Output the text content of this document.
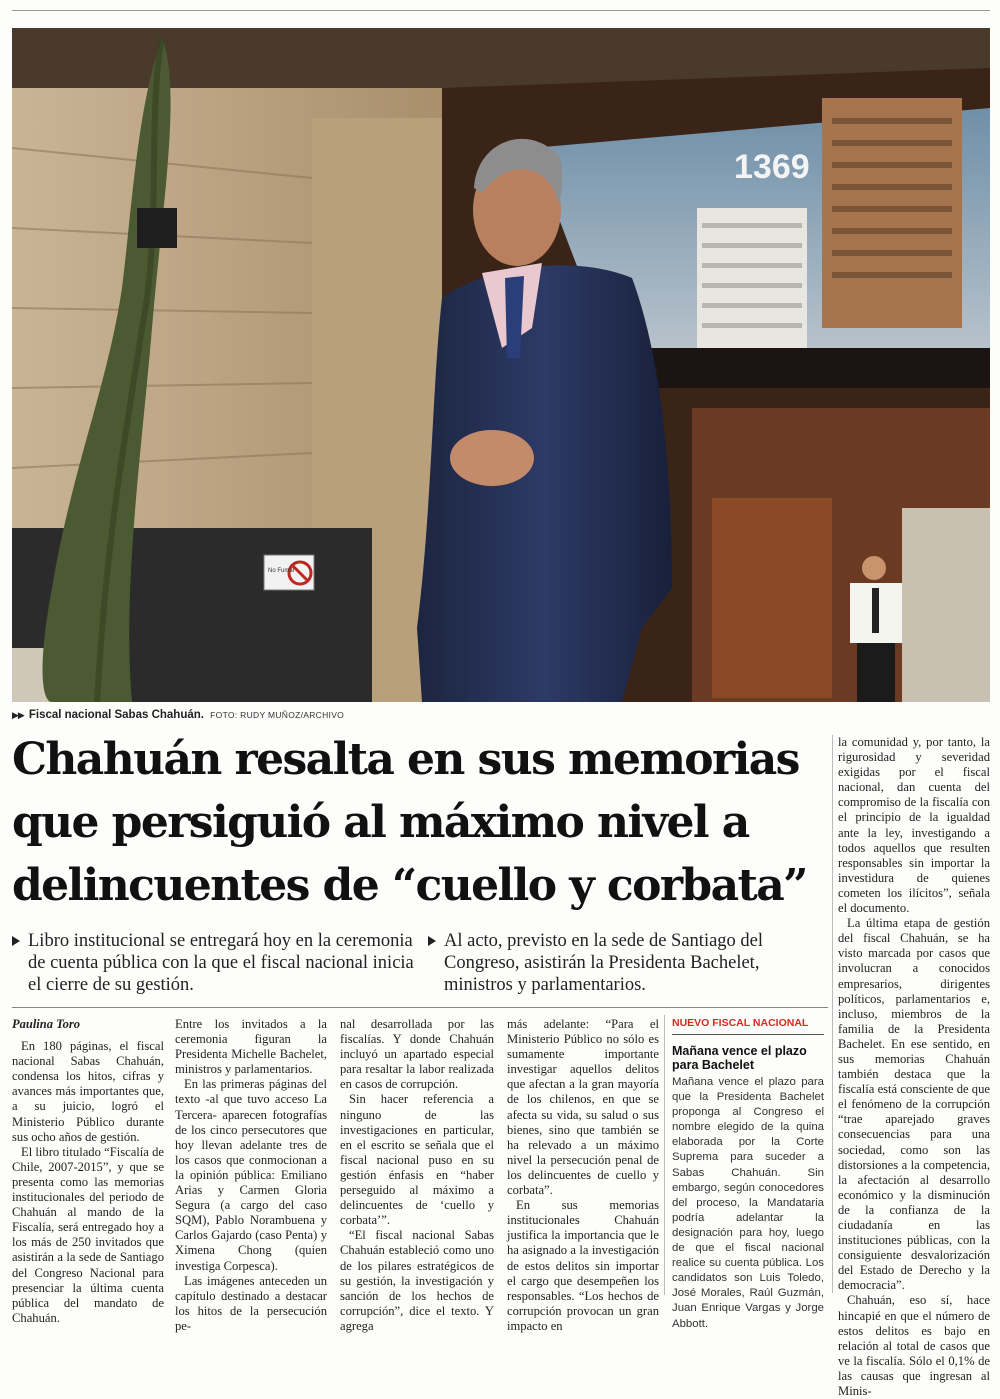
No Fumar
1369
▶▶ Fiscal nacional Sabas Chahuán. FOTO: RUDY MUÑOZ/ARCHIVO
Chahuán resalta en sus memorias
que persiguió al máximo nivel a
delincuentes de “cuello y corbata”
Libro institucional se entregará hoy en la ceremonia de cuenta pública con la que el fiscal nacional inicia el cierre de su gestión.
Al acto, previsto en la sede de Santiago del Congreso, asistirán la Presidenta Bachelet, ministros y parlamentarios.

Paulina Toro

En 180 páginas, el fiscal nacional Sabas Chahuán, condensa los hitos, cifras y avances más importantes que, a su juicio, logró el Ministerio Público durante sus ocho años de gestión.

El libro titulado “Fiscalía de Chile, 2007-2015”, y que se presenta como las memorias institucionales del periodo de Chahuán al mando de la Fiscalía, será entregado hoy a los más de 250 invitados que asistirán a la sede de Santiago del Congreso Nacional para presenciar la última cuenta pública del mandato de Chahuán.

Entre los invitados a la ceremonia figuran la Presidenta Michelle Bachelet, ministros y parlamentarios.

En las primeras páginas del texto -al que tuvo acceso La Tercera- aparecen fotografías de los cinco persecutores que hoy llevan adelante tres de los casos que conmocionan a la opinión pública: Emiliano Arias y Carmen Gloria Segura (a cargo del caso SQM), Pablo Norambuena y Carlos Gajardo (caso Penta) y Ximena Chong (quien investiga Corpesca).

Las imágenes anteceden un capítulo destinado a destacar los hitos de la persecución pe-

nal desarrollada por las fiscalías. Y donde Chahuán incluyó un apartado especial para resaltar la labor realizada en casos de corrupción.

Sin hacer referencia a ninguno de las investigaciones en particular, en el escrito se señala que el fiscal nacional puso en su gestión énfasis en “haber perseguido al máximo a delincuentes de ‘cuello y corbata’”.

“El fiscal nacional Sabas Chahuán estableció como uno de los pilares estratégicos de su gestión, la investigación y sanción de los hechos de corrupción”, dice el texto. Y agrega

más adelante: “Para el Ministerio Público no sólo es sumamente importante investigar aquellos delitos que afectan a la gran mayoría de los chilenos, en que se afecta su vida, su salud o sus bienes, sino que también se ha relevado a un máximo nivel la persecución penal de los delincuentes de cuello y corbata”.

En sus memorias institucionales Chahuán justifica la importancia que le ha asignado a la investigación de estos delitos sin importar el cargo que desempeñen los responsables. “Los hechos de corrupción provocan un gran impacto en

NUEVO FISCAL NACIONAL

Mañana vence el plazo para Bachelet

Mañana vence el plazo para que la Presidenta Bachelet proponga al Congreso el nombre elegido de la quina elaborada por la Corte Suprema para suceder a Sabas Chahuán. Sin embargo, según conocedores del proceso, la Mandataria podría adelantar la designación para hoy, luego de que el fiscal nacional realice su cuenta pública. Los candidatos son Luis Toledo, José Morales, Raúl Guzmán, Juan Enrique Vargas y Jorge Abbott.

la comunidad y, por tanto, la rigurosidad y severidad exigidas por el fiscal nacional, dan cuenta del compromiso de la fiscalía con el principio de la igualdad ante la ley, investigando a todos aquellos que resulten responsables sin importar la investidura de quienes cometen los ilícitos”, señala el documento.

La última etapa de gestión del fiscal Chahuán, se ha visto marcada por casos que involucran a conocidos empresarios, dirigentes políticos, parlamentarios e, incluso, miembros de la familia de la Presidenta Bachelet. En ese sentido, en sus memorias Chahuán también destaca que la fiscalía está consciente de que el fenómeno de la corrupción “trae aparejado graves consecuencias para una sociedad, como son las distorsiones a la competencia, la afectación al desarrollo económico y la disminución de la confianza de la ciudadanía en las instituciones públicas, con la consiguiente desvalorización del Estado de Derecho y la democracia”.

Chahuán, eso sí, hace hincapié en que el número de estos delitos es bajo en relación al total de casos que ve la fiscalía. Sólo el 0,1% de las causas que ingresan al Minis-
